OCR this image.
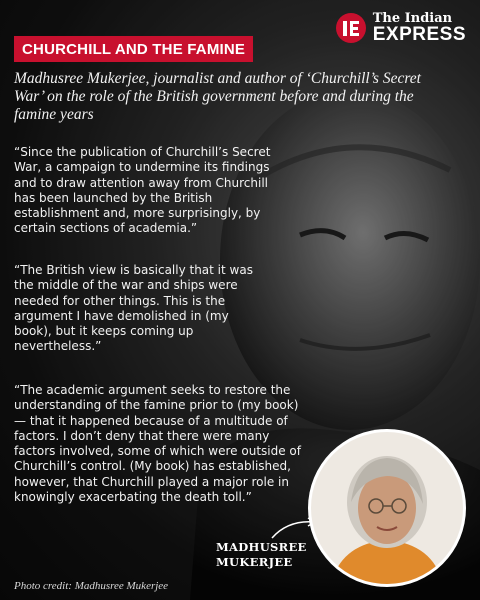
The Indian
EXPRESS
CHURCHILL AND THE FAMINE
Madhusree Mukerjee, journalist and author of ‘Churchill’s Secret War’ on the role of the British government before and during the famine years
“Since the publication of Churchill’s Secret War, a campaign to undermine its findings and to draw attention away from Churchill has been launched by the British establishment and, more surprisingly, by certain sections of academia.”
“The British view is basically that it was the middle of the war and ships were needed for other things. This is the argument I have demolished in (my book), but it keeps coming up nevertheless.”
“The academic argument seeks to restore the understanding of the famine prior to (my book) — that it happened because of a multitude of factors. I don’t deny that there were many factors involved, some of which were outside of Churchill’s control. (My book) has established, however, that Churchill played a major role in knowingly exacerbating the death toll.”
MADHUSREE
MUKERJEE
Photo credit: Madhusree Mukerjee
